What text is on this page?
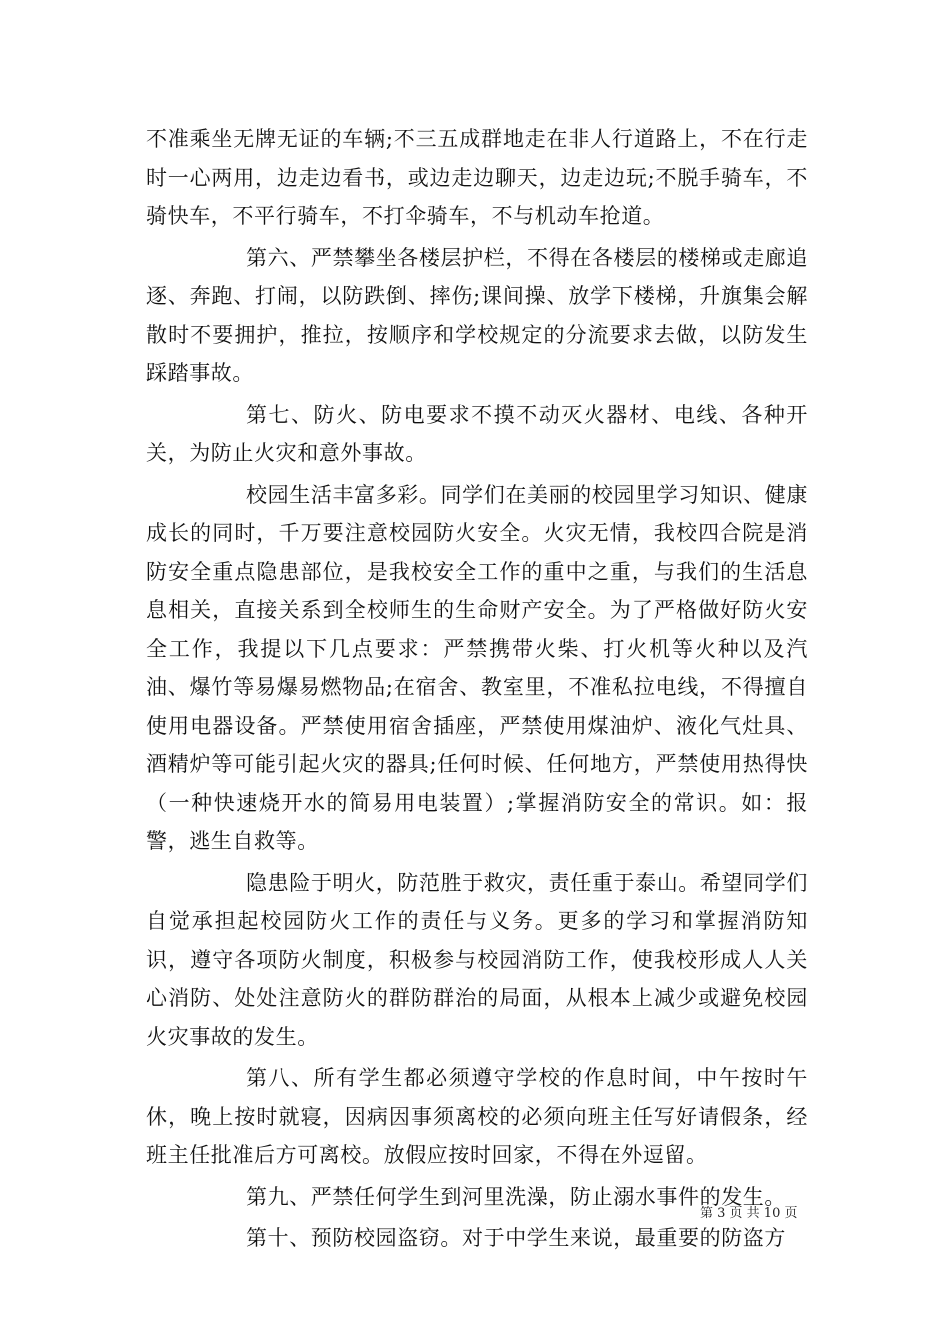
不准乘坐无牌无证的车辆;不三五成群地走在非人行道路上，不在行走时一心两用，边走边看书，或边走边聊天，边走边玩;不脱手骑车，不骑快车，不平行骑车，不打伞骑车，不与机动车抢道。

第六、严禁攀坐各楼层护栏，不得在各楼层的楼梯或走廊追逐、奔跑、打闹，以防跌倒、摔伤;课间操、放学下楼梯，升旗集会解散时不要拥护，推拉，按顺序和学校规定的分流要求去做，以防发生踩踏事故。

第七、防火、防电要求不摸不动灭火器材、电线、各种开关，为防止火灾和意外事故。

校园生活丰富多彩。同学们在美丽的校园里学习知识、健康成长的同时，千万要注意校园防火安全。火灾无情，我校四合院是消防安全重点隐患部位，是我校安全工作的重中之重，与我们的生活息息相关，直接关系到全校师生的生命财产安全。为了严格做好防火安全工作，我提以下几点要求：严禁携带火柴、打火机等火种以及汽油、爆竹等易爆易燃物品;在宿舍、教室里，不准私拉电线，不得擅自使用电器设备。严禁使用宿舍插座，严禁使用煤油炉、液化气灶具、酒精炉等可能引起火灾的器具;任何时候、任何地方，严禁使用热得快（一种快速烧开水的简易用电装置）;掌握消防安全的常识。如：报警，逃生自救等。

隐患险于明火，防范胜于救灾，责任重于泰山。希望同学们自觉承担起校园防火工作的责任与义务。更多的学习和掌握消防知识，遵守各项防火制度，积极参与校园消防工作，使我校形成人人关心消防、处处注意防火的群防群治的局面，从根本上减少或避免校园火灾事故的发生。

第八、所有学生都必须遵守学校的作息时间，中午按时午休，晚上按时就寝，因病因事须离校的必须向班主任写好请假条，经班主任批准后方可离校。放假应按时回家，不得在外逗留。

第九、严禁任何学生到河里洗澡，防止溺水事件的发生。

第十、预防校园盗窃。对于中学生来说，最重要的防盗方

第 3 页 共 10 页
